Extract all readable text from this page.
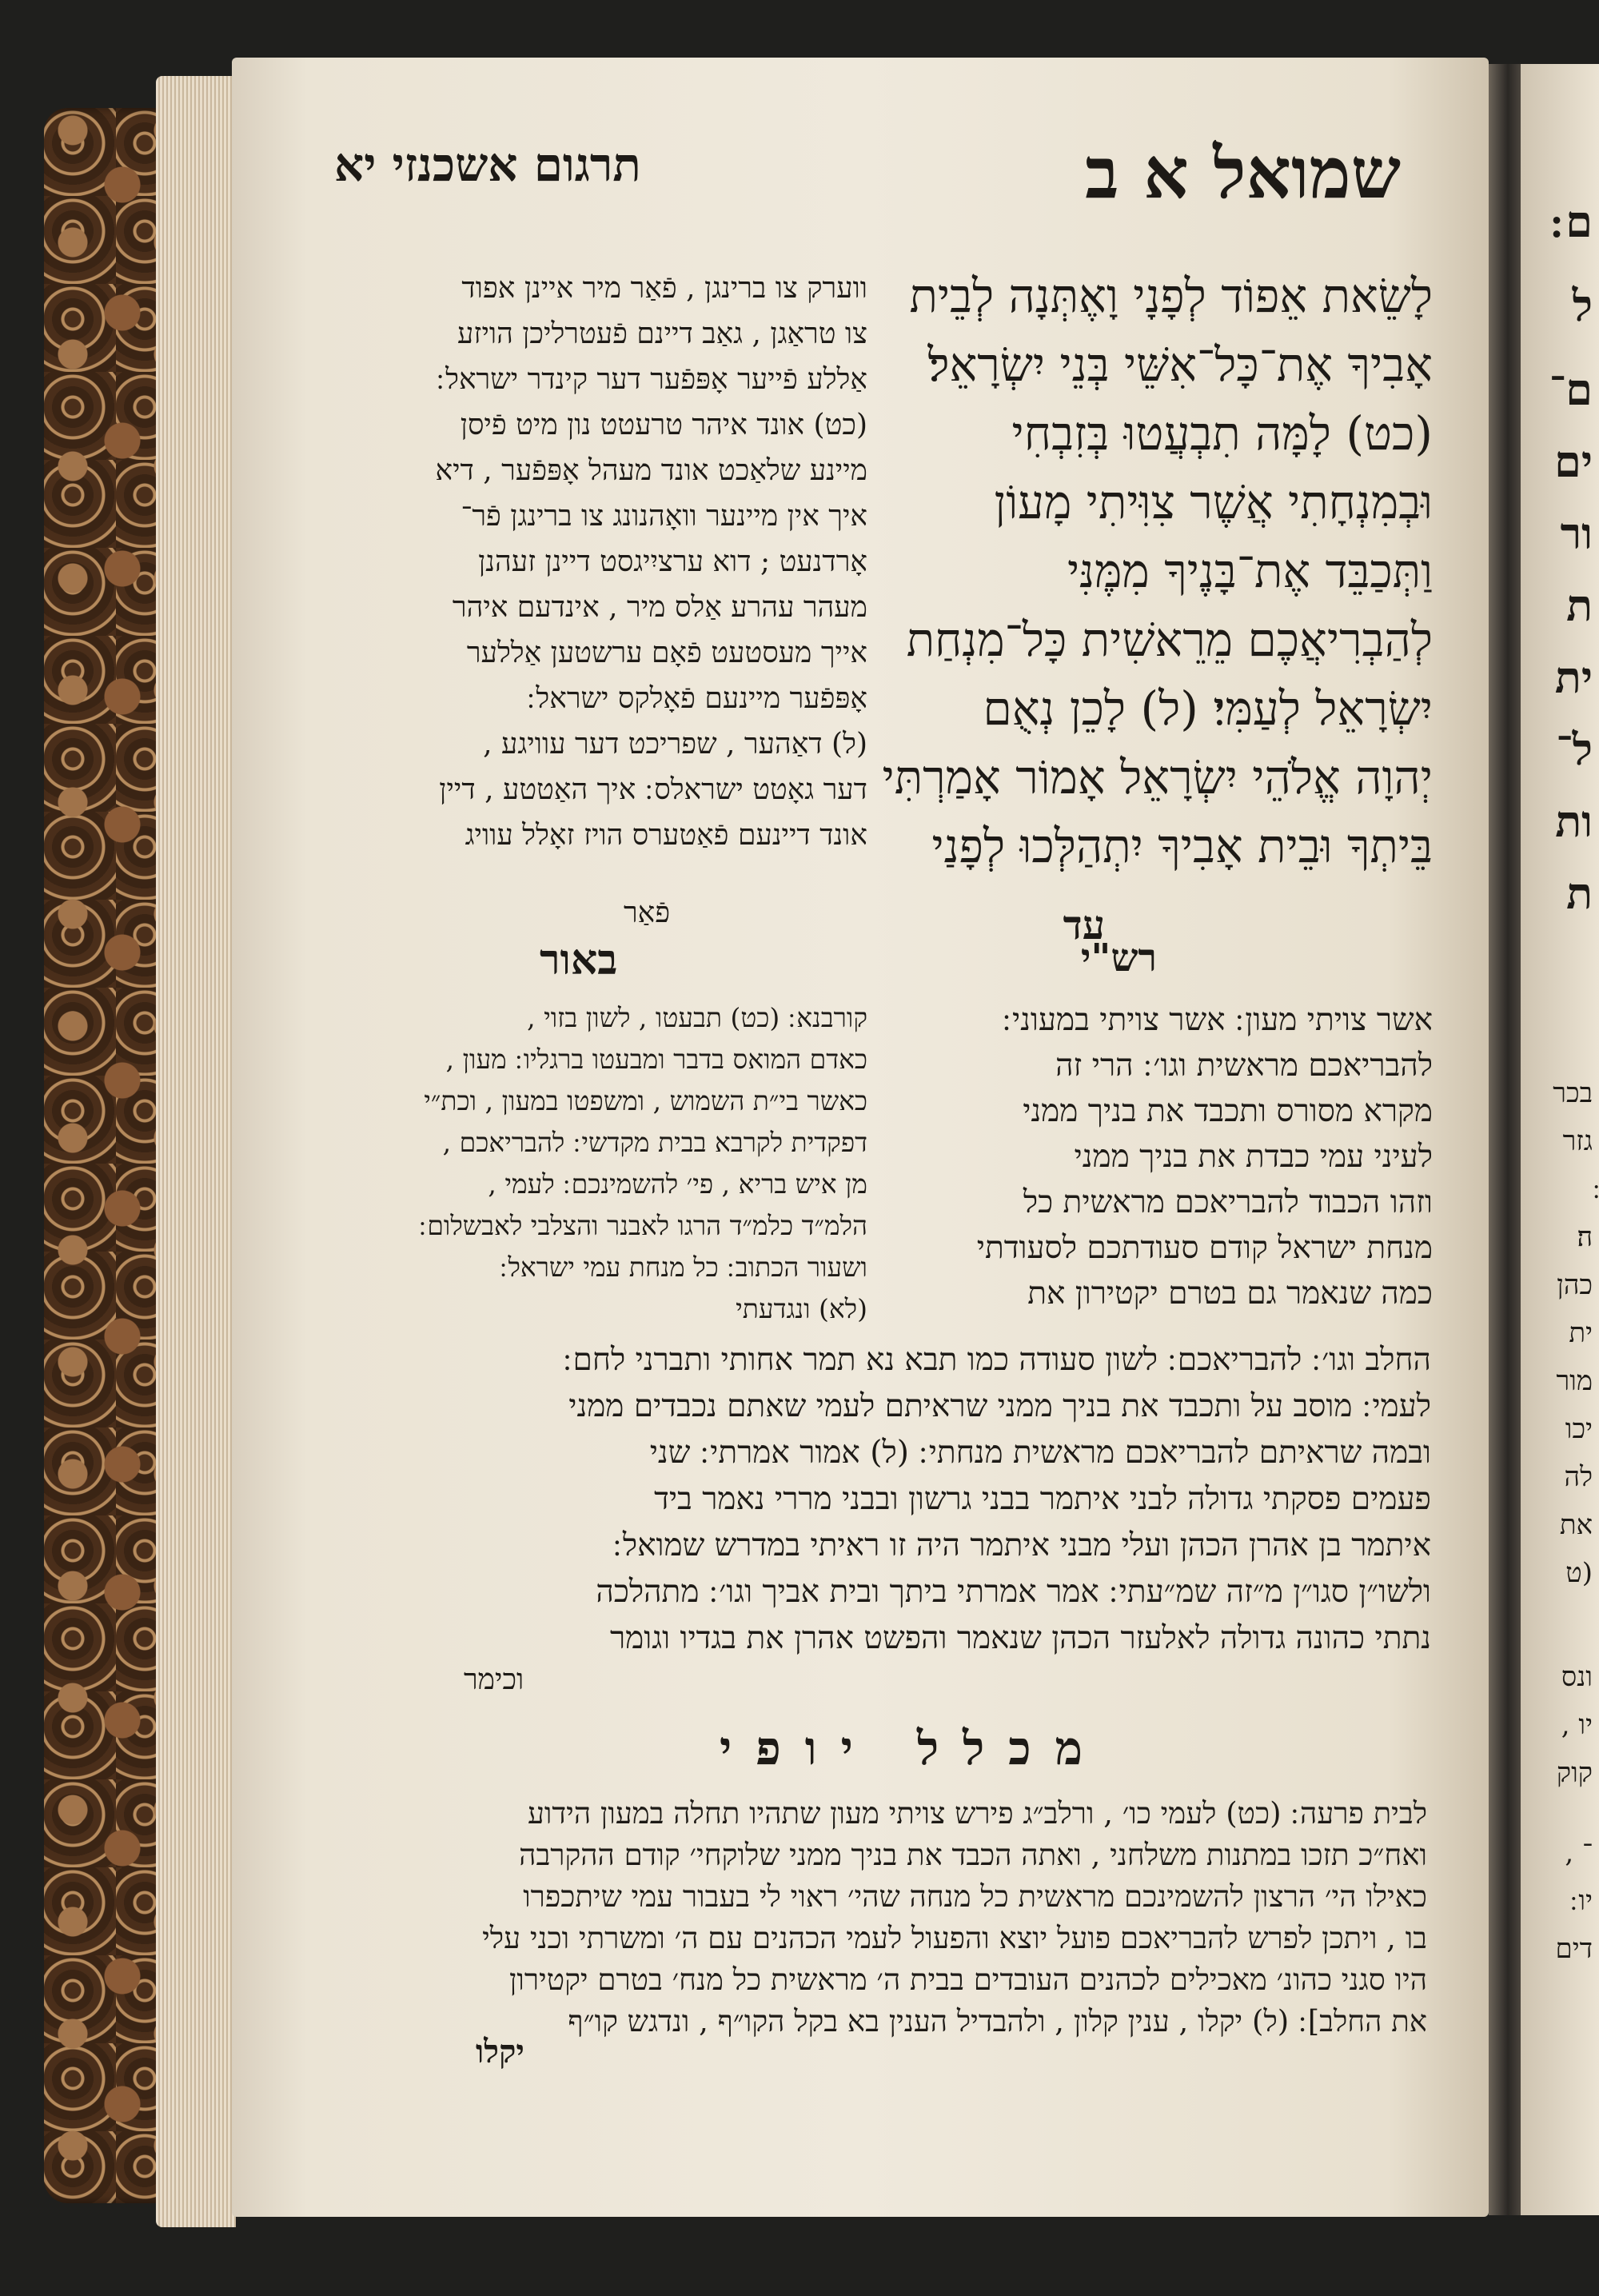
ם ׃
ל
ם־
ים
ור
ת
ית
ל־
ות
ת
בכר
גזר
ה׃
כהן
ית
מור
יכו
לה
את
(ט
ונס
יו ,
קוק
־ ,
יו ׃
דים
שמואל א ב
תרגום אשכנזי יא
לָשֵׂאת אֵפוֹד לְפָנָי וָאֶתְּנָה לְבֵית
אָבִיךָ אֶת־כָּל־אִשֵּׁי בְּנֵי יִשְׂרָאֵל׃
(כט) לָמָּה תִבְעֲטוּ בְּזִבְחִי
וּבְמִנְחָתִי אֲשֶׁר צִוִּיתִי מָעוֹן
וַתְּכַבֵּד אֶת־בָּנֶיךָ מִמֶּנִּי
לְהַבְרִיאֲכֶם מֵרֵאשִׁית כָּל־מִנְחַת
יִשְׂרָאֵל לְעַמִּי׃ (ל) לָכֵן נְאֻם
יְהוָה אֱלֹהֵי יִשְׂרָאֵל אָמוֹר אָמַרְתִּי
בֵּיתְךָ וּבֵית אָבִיךָ יִתְהַלְּכוּ לְפָנַי
עד
ווערק צו ברינגן , פֿאַר מיר איינן אפוד
צו טראַגן , גאַב דיינם פֿעטרליכן הויזע
אַללע פֿייער אָפּפֿער דער קינדר ישראל ׃
(כט) אונד איהר טרעטט נון מיט פֿיסן
מיינע שלאַכט אונד מעהל אָפּפֿער , דיא
איך אין מיינער וואָהנונג צו ברינגן פֿר־
אָרדנעט ; דוא ערציִיגסט דיינן זעהנן
מעהר עהרע אַלס מיר , אינדעם איהר
אייך מעסטעט פֿאָם ערשטען אַללער
אָפּפֿער מיינעם פֿאָלקס ישראל ׃
(ל) דאַהער , שפריכט דער עוויגע ,
דער גאָטט ישראלס ׃ איך האַטטע , דיין
אונד דיינעם פֿאַטערס הויז זאָלל עוויג
פֿאַר
רש"י
באור
אשר צויתי מעון ׃ אשר צויתי במעוני ׃
להבריאכם מראשית וגו׳ ׃ הרי זה
מקרא מסורס ותכבד את בניך ממני
לעיני עמי כבדת את בניך ממני
וזהו הכבוד להבריאכם מראשית כל
מנחת ישראל קודם סעודתכם לסעודתי
כמה שנאמר גם בטרם יקטירון את
קורבנא ׃ (כט) תבעטו , לשון בזוי ,
כאדם המואס בדבר ומבעטו ברגליו ׃ מעון ,
כאשר בי״ת השמוש , ומשפטו במעון , וכת״י
דפקדית לקרבא בבית מקדשי ׃ להבריאכם ,
מן איש בריא , פי׳ להשמינכם ׃ לעמי ,
הלמ״ד כלמ״ד הרגו לאבנר והצלבי לאבשלום ׃
ושעור הכתוב ׃ כל מנחת עמי ישראל ׃
(לא) ונגדעתי
החלב וגו׳ ׃ להבריאכם ׃ לשון סעודה כמו תבא נא תמר אחותי ותברני לחם ׃
לעמי ׃ מוסב על ותכבד את בניך ממני שראיתם לעמי שאתם נכבדים ממני
ובמה שראיתם להבריאכם מראשית מנחתי ׃ (ל) אמור אמרתי ׃ שני
פעמים פסקתי גדולה לבני איתמר בבני גרשון ובבני מררי נאמר ביד
איתמר בן אהרן הכהן ועלי מבני איתמר היה זו ראיתי במדרש שמואל ׃
ולשו״ן סגו״ן מ״זה שמ״עתי ׃ אמר אמרתי ביתך ובית אביך וגו׳ ׃ מתהלכה
נתתי כהונה גדולה לאלעזר הכהן שנאמר והפשט אהרן את בגדיו וגומר
וכימר
מכלל יופי
לבית פרעה ׃ (כט) לעמי כו׳ , ורלב״ג פירש צויתי מעון שתהיו תחלה במעון הידוע
ואח״כ תזכו במתנות משלחני , ואתה הכבד את בניך ממני שלוקחי׳ קודם ההקרבה
כאילו הי׳ הרצון להשמינכם מראשית כל מנחה שהי׳ ראוי לי בעבור עמי שיתכפרו
בו , ויתכן לפרש להבריאכם פועל יוצא והפעול לעמי הכהנים עם ה׳ ומשרתי וכני עלי
היו סגני כהונ׳ מאכילים לכהנים העובדים בבית ה׳ מראשית כל מנח׳ בטרם יקטירון
את החלב] ׃ (ל) יקלו , ענין קלון , ולהבדיל הענין בא בקל הקו״ף , ונדגש קו״ף
יקלו
